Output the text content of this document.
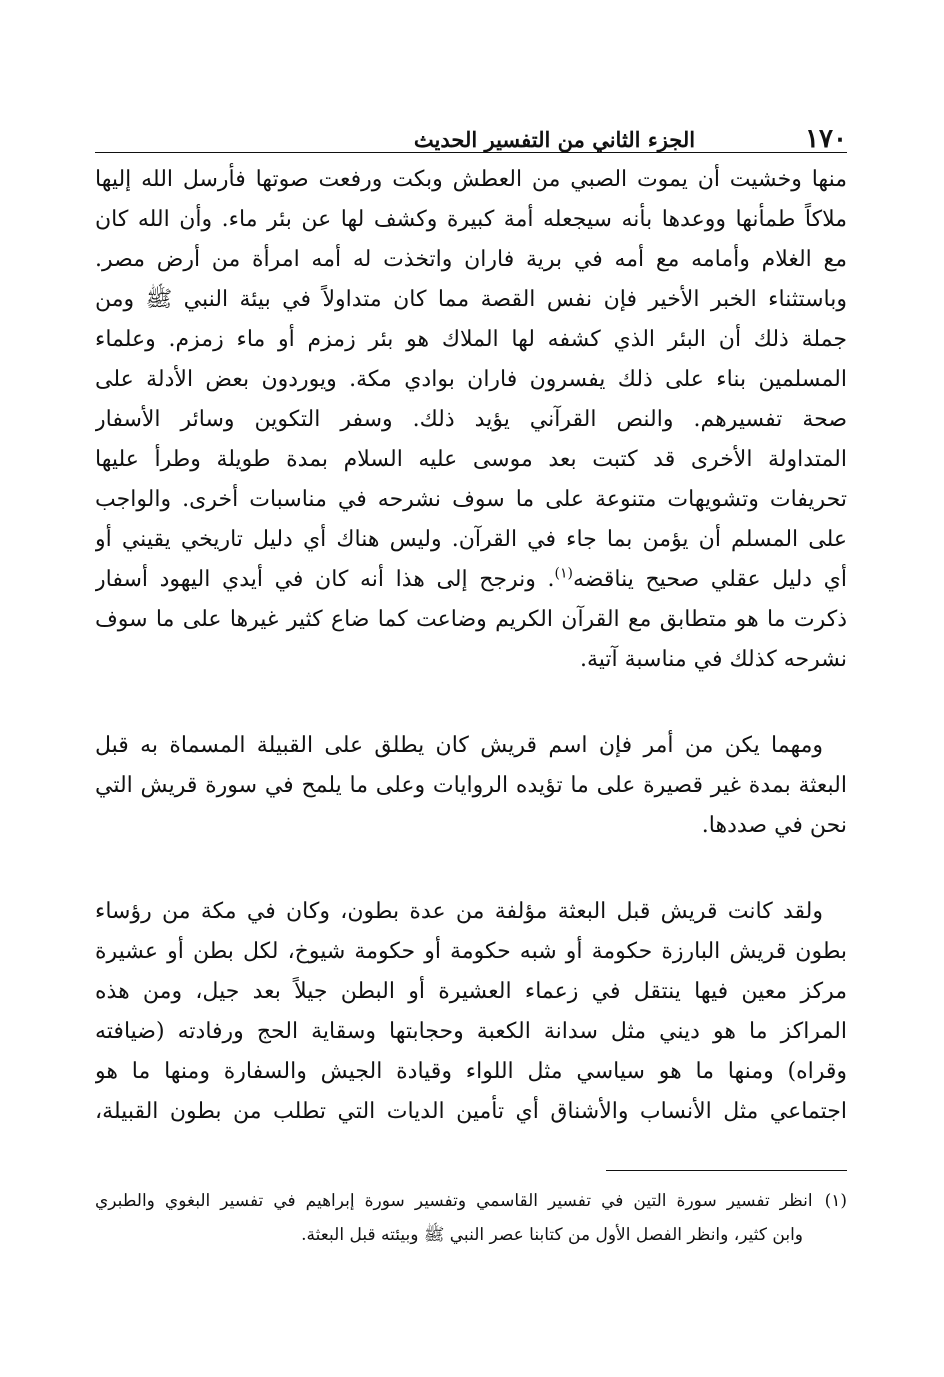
١٧٠
الجزء الثاني من التفسير الحديث
منها وخشيت أن يموت الصبي من العطش وبكت ورفعت صوتها فأرسل الله إليها
ملاكاً طمأنها ووعدها بأنه سيجعله أمة كبيرة وكشف لها عن بئر ماء. وأن الله كان
مع الغلام وأمامه مع أمه في برية فاران واتخذت له أمه امرأة من أرض مصر.
وباستثناء الخبر الأخير فإن نفس القصة مما كان متداولاً في بيئة النبي ﷺ ومن
جملة ذلك أن البئر الذي كشفه لها الملاك هو بئر زمزم أو ماء زمزم. وعلماء
المسلمين بناء على ذلك يفسرون فاران بوادي مكة. ويوردون بعض الأدلة على
صحة تفسيرهم. والنص القرآني يؤيد ذلك. وسفر التكوين وسائر الأسفار
المتداولة الأخرى قد كتبت بعد موسى عليه السلام بمدة طويلة وطرأ عليها
تحريفات وتشويهات متنوعة على ما سوف نشرحه في مناسبات أخرى. والواجب
على المسلم أن يؤمن بما جاء في القرآن. وليس هناك أي دليل تاريخي يقيني أو
أي دليل عقلي صحيح يناقضه$^{(١)}$. ونرجح إلى هذا أنه كان في أيدي اليهود أسفار
ذكرت ما هو متطابق مع القرآن الكريم وضاعت كما ضاع كثير غيرها على ما سوف
نشرحه كذلك في مناسبة آتية.
ومهما يكن من أمر فإن اسم قريش كان يطلق على القبيلة المسماة به قبل
البعثة بمدة غير قصيرة على ما تؤيده الروايات وعلى ما يلمح في سورة قريش التي
نحن في صددها.
ولقد كانت قريش قبل البعثة مؤلفة من عدة بطون، وكان في مكة من رؤساء
بطون قريش البارزة حكومة أو شبه حكومة أو حكومة شيوخ، لكل بطن أو عشيرة
مركز معين فيها ينتقل في زعماء العشيرة أو البطن جيلاً بعد جيل، ومن هذه
المراكز ما هو ديني مثل سدانة الكعبة وحجابتها وسقاية الحج ورفادته (ضيافته
وقراه) ومنها ما هو سياسي مثل اللواء وقيادة الجيش والسفارة ومنها ما هو
اجتماعي مثل الأنساب والأشناق أي تأمين الديات التي تطلب من بطون القبيلة،
(١)انظر تفسير سورة التين في تفسير القاسمي وتفسير سورة إبراهيم في تفسير البغوي والطبري
وابن كثير، وانظر الفصل الأول من كتابنا عصر النبي ﷺ وبيئته قبل البعثة.
